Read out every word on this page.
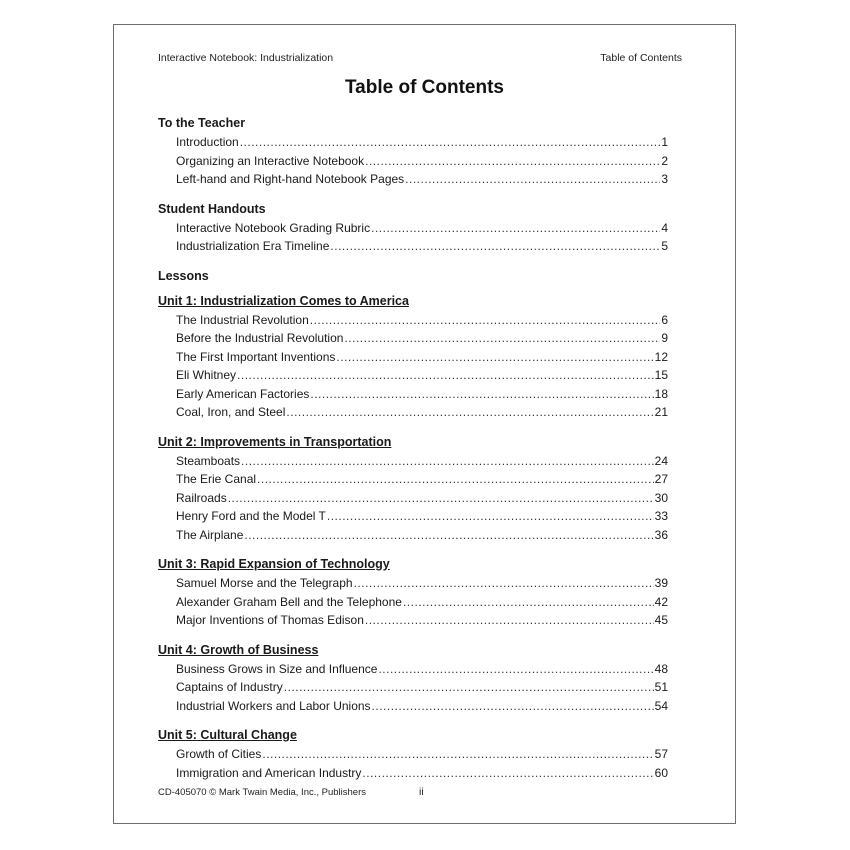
Interactive Notebook: Industrialization	Table of Contents
Table of Contents
To the Teacher
Introduction .....	1
Organizing an Interactive Notebook .....	2
Left-hand and Right-hand Notebook Pages .....	3
Student Handouts
Interactive Notebook Grading Rubric .....	4
Industrialization Era Timeline .....	5
Lessons
Unit 1: Industrialization Comes to America
The Industrial Revolution .....	6
Before the Industrial Revolution .....	9
The First Important Inventions .....	12
Eli Whitney .....	15
Early American Factories .....	18
Coal, Iron, and Steel .....	21
Unit 2: Improvements in Transportation
Steamboats .....	24
The Erie Canal .....	27
Railroads .....	30
Henry Ford and the Model T .....	33
The Airplane .....	36
Unit 3: Rapid Expansion of Technology
Samuel Morse and the Telegraph .....	39
Alexander Graham Bell and the Telephone .....	42
Major Inventions of Thomas Edison .....	45
Unit 4: Growth of Business
Business Grows in Size and Influence .....	48
Captains of Industry .....	51
Industrial Workers and Labor Unions .....	54
Unit 5: Cultural Change
Growth of Cities .....	57
Immigration and American Industry .....	60
CD-405070 © Mark Twain Media, Inc., Publishers	ii
